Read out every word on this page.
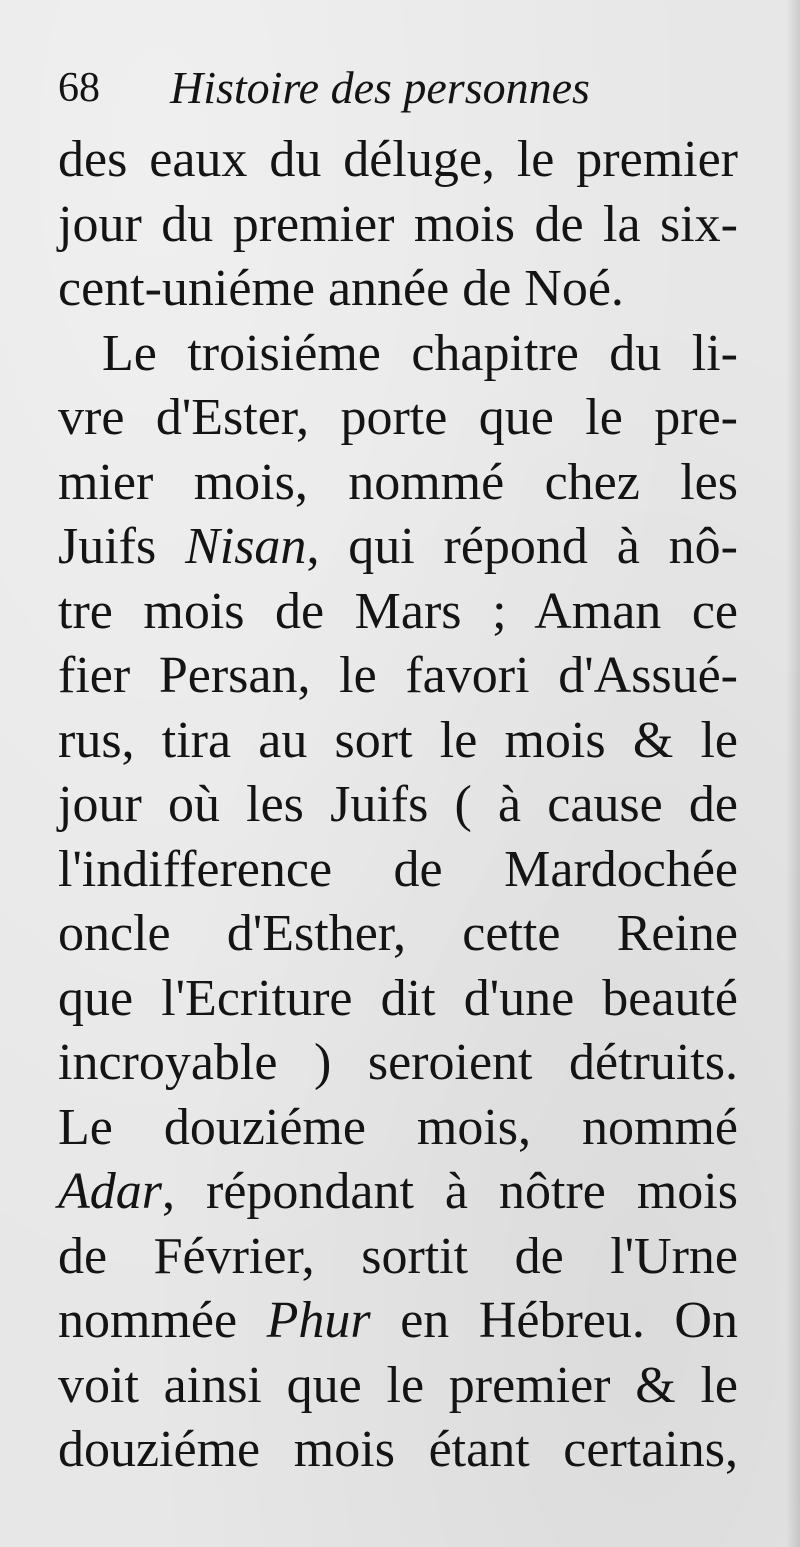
68 Histoire des personnes
des eaux du déluge, le premier
jour du premier mois de la six-
cent-uniéme année de Noé.
Le troisiéme chapitre du li-
vre d'Ester, porte que le pre-
mier mois, nommé chez les
Juifs Nisan, qui répond à nô-
tre mois de Mars ; Aman ce
fier Persan, le favori d'Assué-
rus, tira au sort le mois & le
jour où les Juifs ( à cause de
l'indifference de Mardochée
oncle d'Esther, cette Reine
que l'Ecriture dit d'une beauté
incroyable ) seroient détruits.
Le douziéme mois, nommé
Adar, répondant à nôtre mois
de Février, sortit de l'Urne
nommée Phur en Hébreu. On
voit ainsi que le premier & le
douziéme mois étant certains,
